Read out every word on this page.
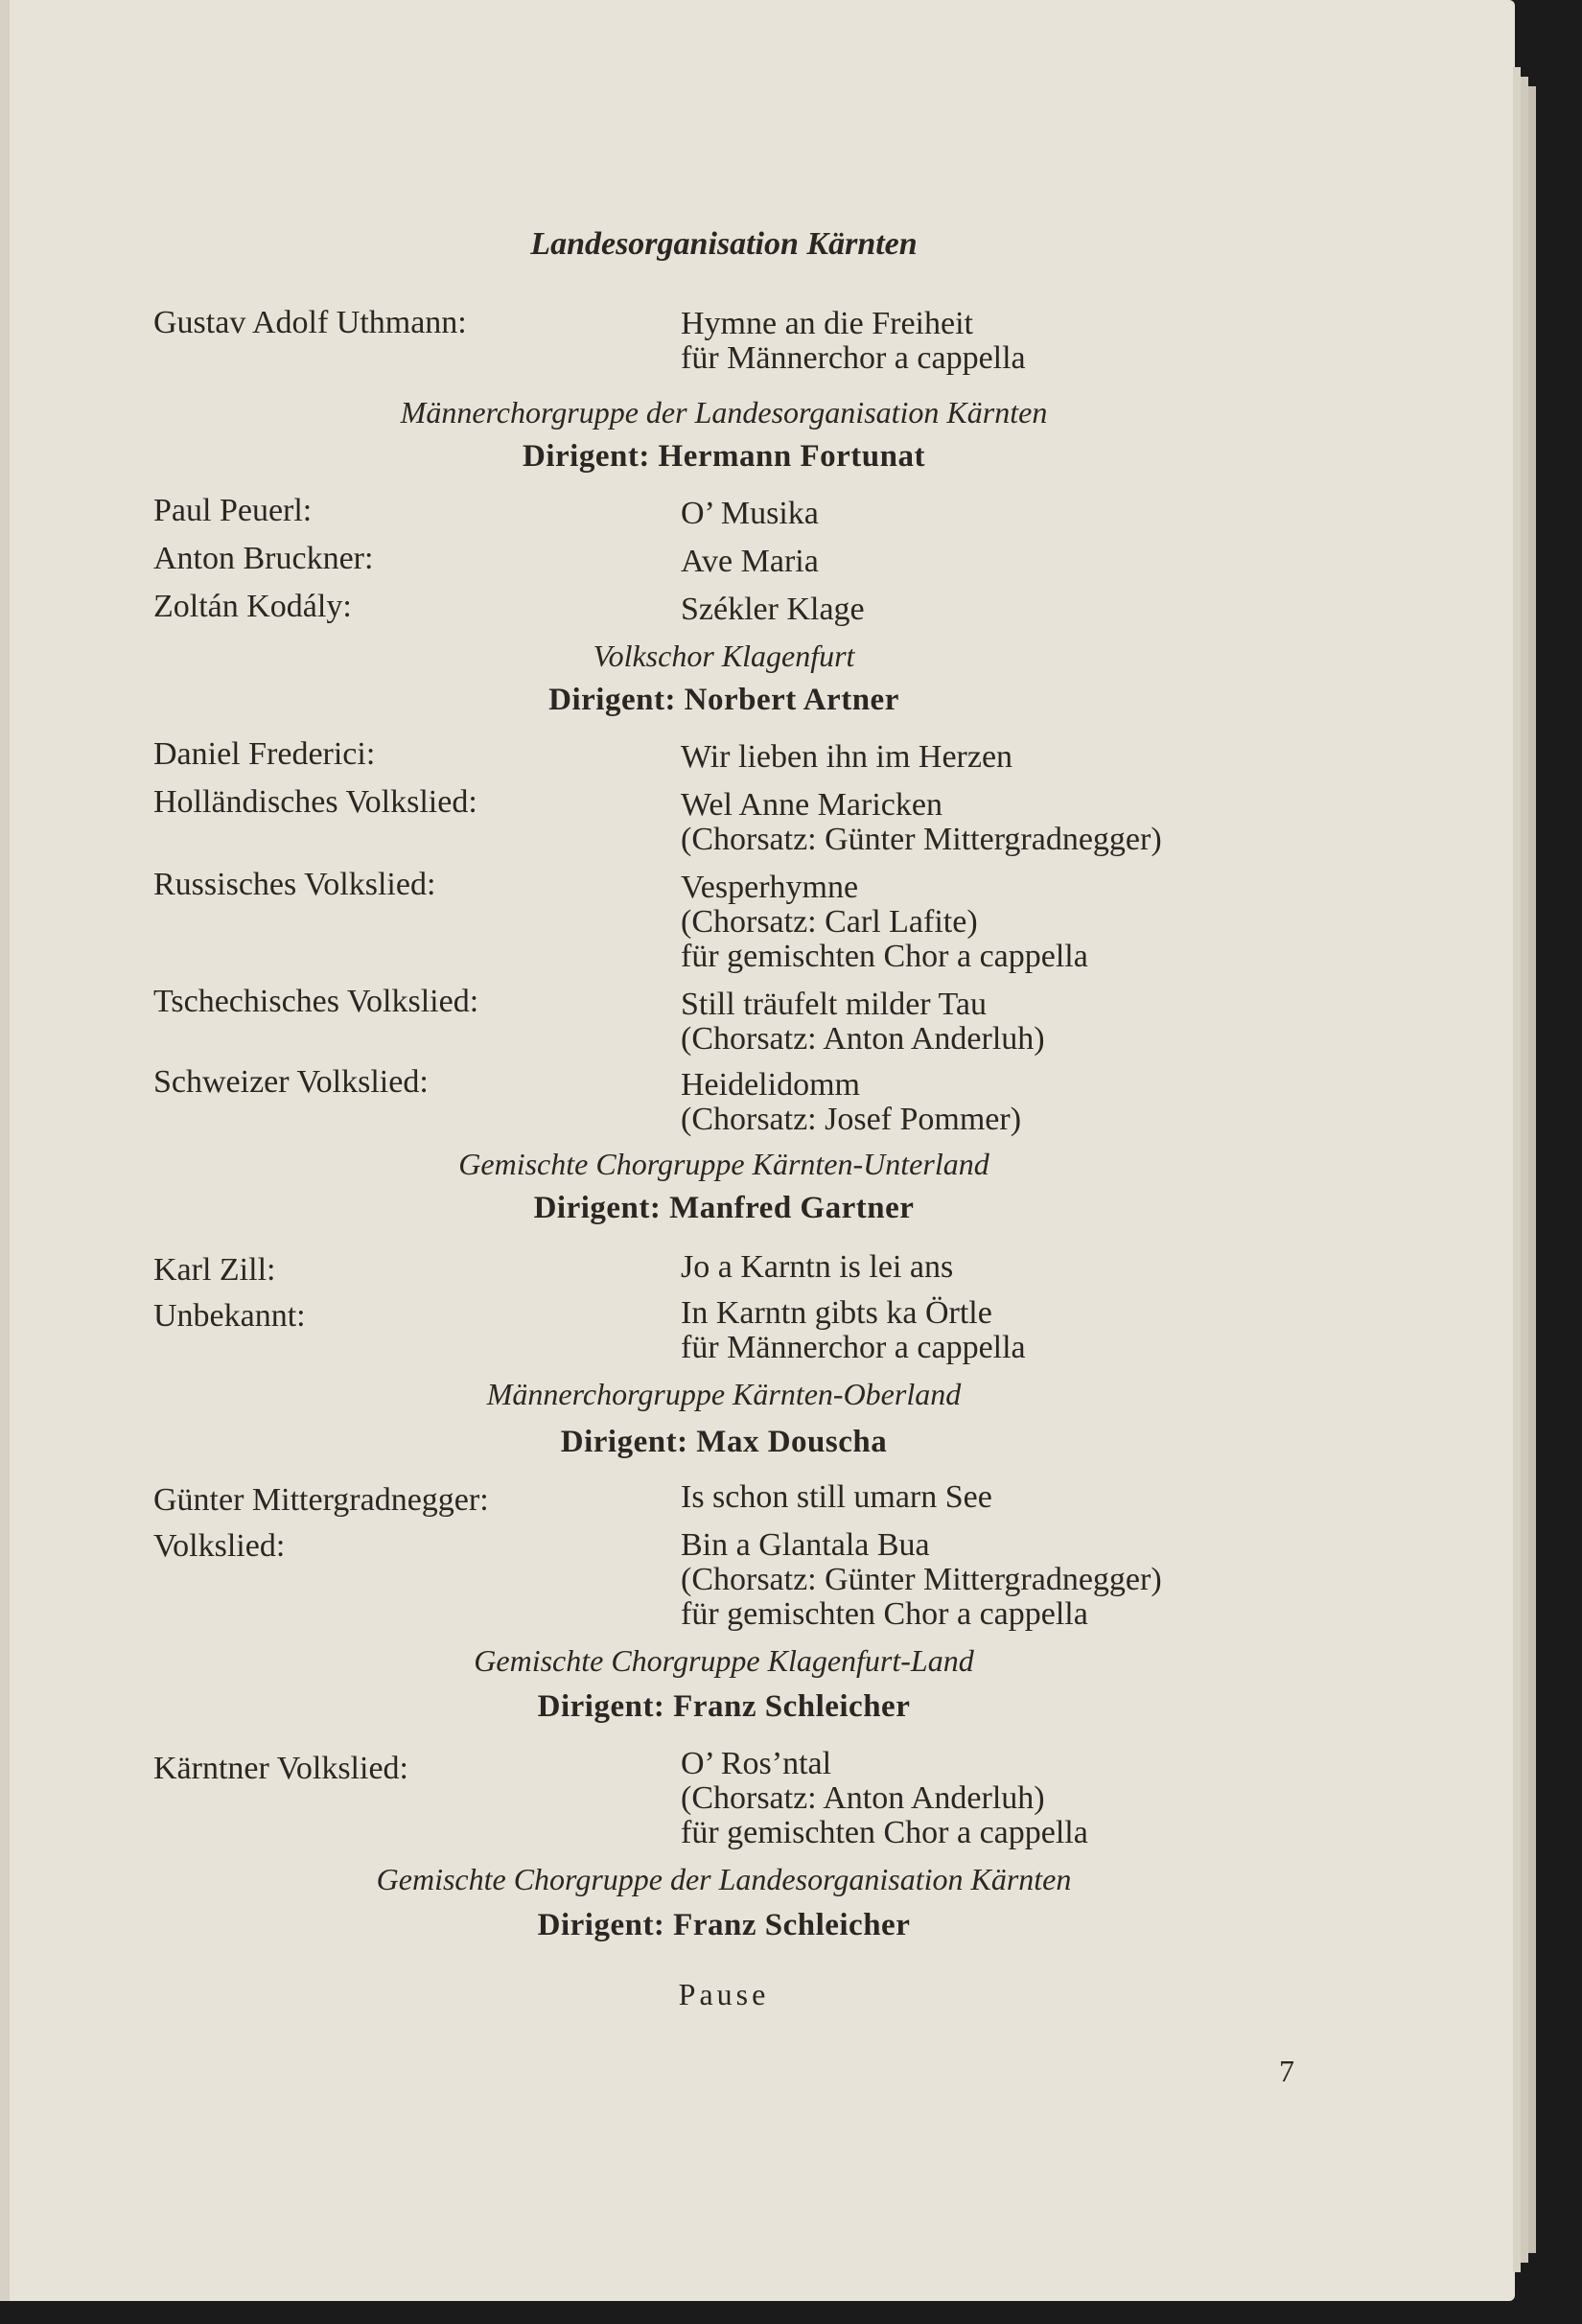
Landesorganisation Kärnten
Gustav Adolf Uthmann:	Hymne an die Freiheit
für Männerchor a cappella
Männerchorgruppe der Landesorganisation Kärnten
Dirigent: Hermann Fortunat
Paul Peuerl:	O’ Musika
Anton Bruckner:	Ave Maria
Zoltán Kodály:	Székler Klage
Volkschor Klagenfurt
Dirigent: Norbert Artner
Daniel Frederici:	Wir lieben ihn im Herzen
Holländisches Volkslied:	Wel Anne Maricken
(Chorsatz: Günter Mittergradnegger)
Russisches Volkslied:	Vesperhymne
(Chorsatz: Carl Lafite)
für gemischten Chor a cappella
Tschechisches Volkslied:	Still träufelt milder Tau
(Chorsatz: Anton Anderluh)
Schweizer Volkslied:	Heidelidomm
(Chorsatz: Josef Pommer)
Gemischte Chorgruppe Kärnten-Unterland
Dirigent: Manfred Gartner
Karl Zill:	Jo a Karntn is lei ans
Unbekannt:	In Karntn gibts ka Örtle
für Männerchor a cappella
Männerchorgruppe Kärnten-Oberland
Dirigent: Max Douscha
Günter Mittergradnegger:	Is schon still umarn See
Volkslied:	Bin a Glantala Bua
(Chorsatz: Günter Mittergradnegger)
für gemischten Chor a cappella
Gemischte Chorgruppe Klagenfurt-Land
Dirigent: Franz Schleicher
Kärntner Volkslied:	O’ Ros’ntal
(Chorsatz: Anton Anderluh)
für gemischten Chor a cappella
Gemischte Chorgruppe der Landesorganisation Kärnten
Dirigent: Franz Schleicher
Pause
7
